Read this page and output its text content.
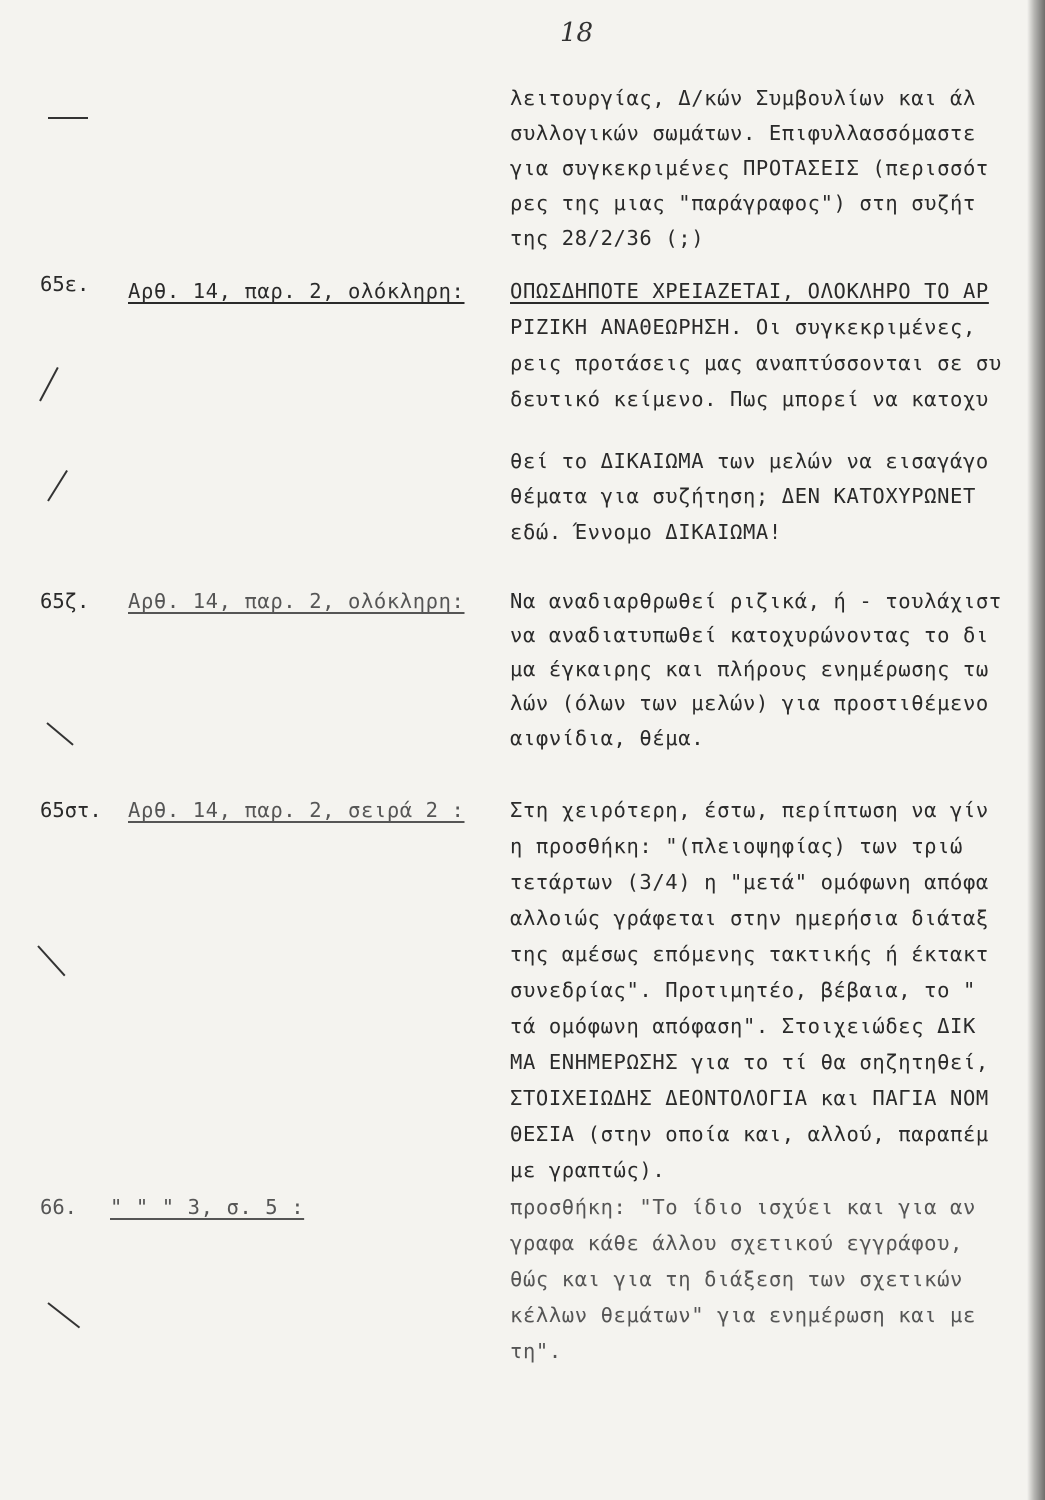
18
λειτουργίας, Δ/κών Συμβουλίων και άλ
συλλογικών σωμάτων. Επιφυλλασσόμαστε
για συγκεκριμένες ΠΡΟΤΑΣΕΙΣ (περισσότ
ρες της μιας "παράγραφος") στη συζήτ
της 28/2/36 (;)
65ε. Αρθ. 14, παρ. 2, ολόκληρη: ΟΠΩΣΔΗΠΟΤΕ ΧΡΕΙΑΖΕΤΑΙ, ΟΛΟΚΛΗΡΟ ΤΟ ΑΡ
ΡΙΖΙΚΗ ΑΝΑΘΕΩΡΗΣΗ. Οι συγκεκριμένες,
ρεις προτάσεις μας αναπτύσσονται σε συ
δευτικό κείμενο. Πως μπορεί να κατοχυ
θεί το ΔΙΚΑΙΩΜΑ των μελών να εισαγάγο
θέματα για συζήτηση; ΔΕΝ ΚΑΤΟΧΥΡΩΝΕΤ
εδώ. Έννομο ΔΙΚΑΙΩΜΑ!
65ζ. Αρθ. 14, παρ. 2, ολόκληρη: Να αναδιαρθρωθεί ριζικά, ή - τουλάχιστ
να αναδιατυπωθεί κατοχυρώνοντας το δι
μα έγκαιρης και πλήρους ενημέρωσης τω
λών (όλων των μελών) για προστιθέμενο
αιφνίδια, θέμα.
65στ. Αρθ. 14, παρ. 2, σειρά 2 : Στη χειρότερη, έστω, περίπτωση να γίν
η προσθήκη: "(πλειοψηφίας) των τριώ
τετάρτων (3/4) η "μετά" ομόφωνη απόφα
αλλοιώς γράφεται στην ημερήσια διάταξ
της αμέσως επόμενης τακτικής ή έκτακτ
συνεδρίας". Προτιμητέο, βέβαια, το "
τά ομόφωνη απόφαση". Στοιχειώδες ΔΙΚ
ΜΑ ΕΝΗΜΕΡΩΣΗΣ για το τί θα σηζητηθεί,
ΣΤΟΙΧΕΙΩΔΗΣ ΔΕΟΝΤΟΛΟΓΙΑ και ΠΑΓΙΑ ΝΟΜ
ΘΕΣΙΑ (στην οποία και, αλλού, παραπέμ
με γραπτώς).
66. " " " 3, σ. 5 :	προσθήκη: "Το ίδιο ισχύει και για αν
γραφα κάθε άλλου σχετικού εγγράφου,
θώς και για τη διάξεση των σχετικών
κέλλων θεμάτων" για ενημέρωση και με
τη".
